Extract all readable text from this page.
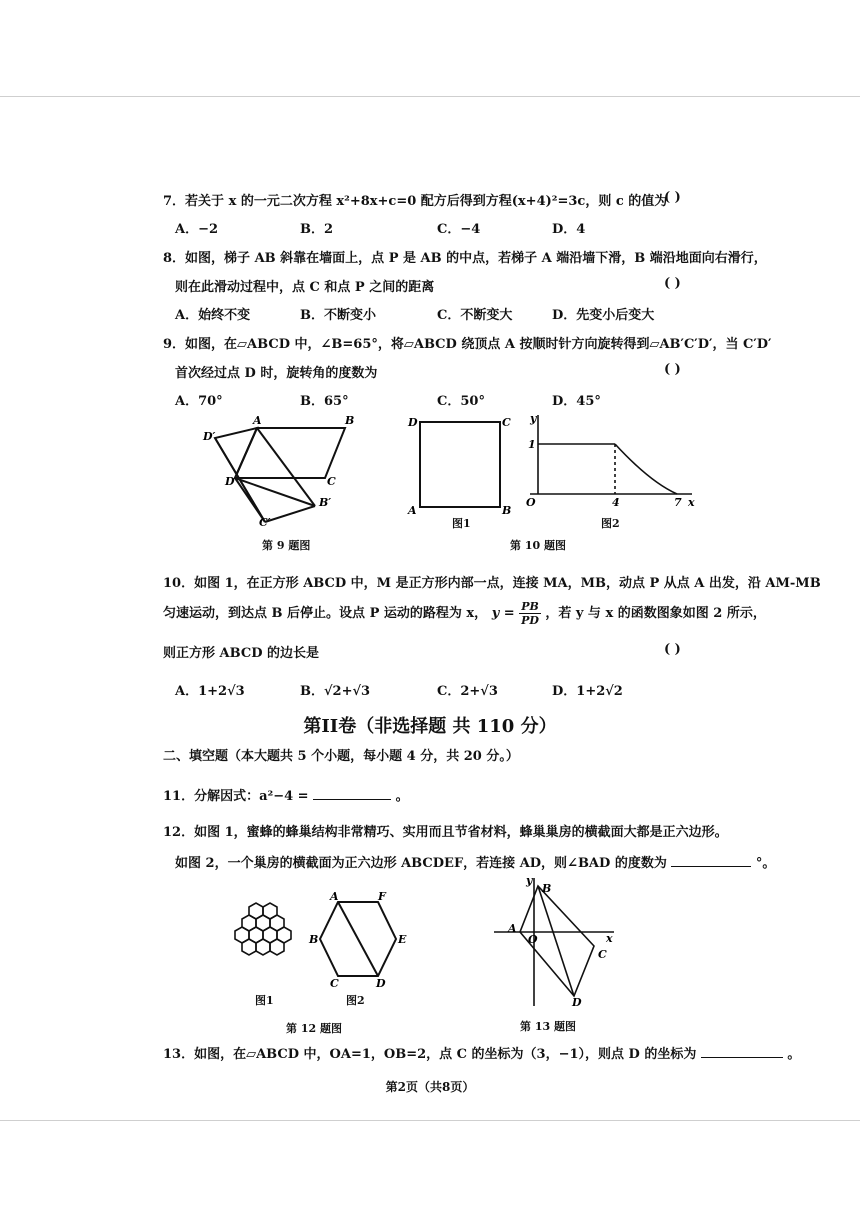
7．若关于 x 的一元二次方程 x²+8x+c=0 配方后得到方程(x+4)²=3c，则 c 的值为
( )
A．−2	B．2	C．−4	D．4
8．如图，梯子 AB 斜靠在墙面上，点 P 是 AB 的中点，若梯子 A 端沿墙下滑，B 端沿地面向右滑行，
则在此滑动过程中，点 C 和点 P 之间的距离	( )
A．始终不变	B．不断变小	C．不断变大	D．先变小后变大
9．如图，在▱ABCD 中，∠B=65°，将▱ABCD 绕顶点 A 按顺时针方向旋转得到▱AB′C′D′，当 C′D′
首次经过点 D 时，旋转角的度数为	( )
A．70°	B．65°	C．50°	D．45°
D′
A	B
D	C
B′
C′
第 9 题图
D	C
A	B
图1
y
1
O	4	7 x
图2
第 10 题图
10．如图 1，在正方形 ABCD 中，M 是正方形内部一点，连接 MA，MB，动点 P 从点 A 出发，沿 AM-MB
匀速运动，到达点 B 后停止。设点 P 运动的路程为 x， $y = \frac{PB}{PD}$ ，若 y 与 x 的函数图象如图 2 所示，
则正方形 ABCD 的边长是	( )
A．1+2√3	B．√2+√3	C．2+√3	D．1+2√2
第II卷（非选择题 共 110 分）
二、填空题（本大题共 5 个小题，每小题 4 分，共 20 分。）
11．分解因式：a²−4 =	。
12．如图 1，蜜蜂的蜂巢结构非常精巧、实用而且节省材料，蜂巢巢房的横截面大都是正六边形。
如图 2，一个巢房的横截面为正六边形 ABCDEF，若连接 AD，则∠BAD 的度数为	°。
图1
A	F
B	E
C	D
图2
第 12 题图
y
B
A
O	x
C
D
第 13 题图
13．如图，在▱ABCD 中，OA=1，OB=2，点 C 的坐标为（3，−1），则点 D 的坐标为	。
第2页（共8页）
